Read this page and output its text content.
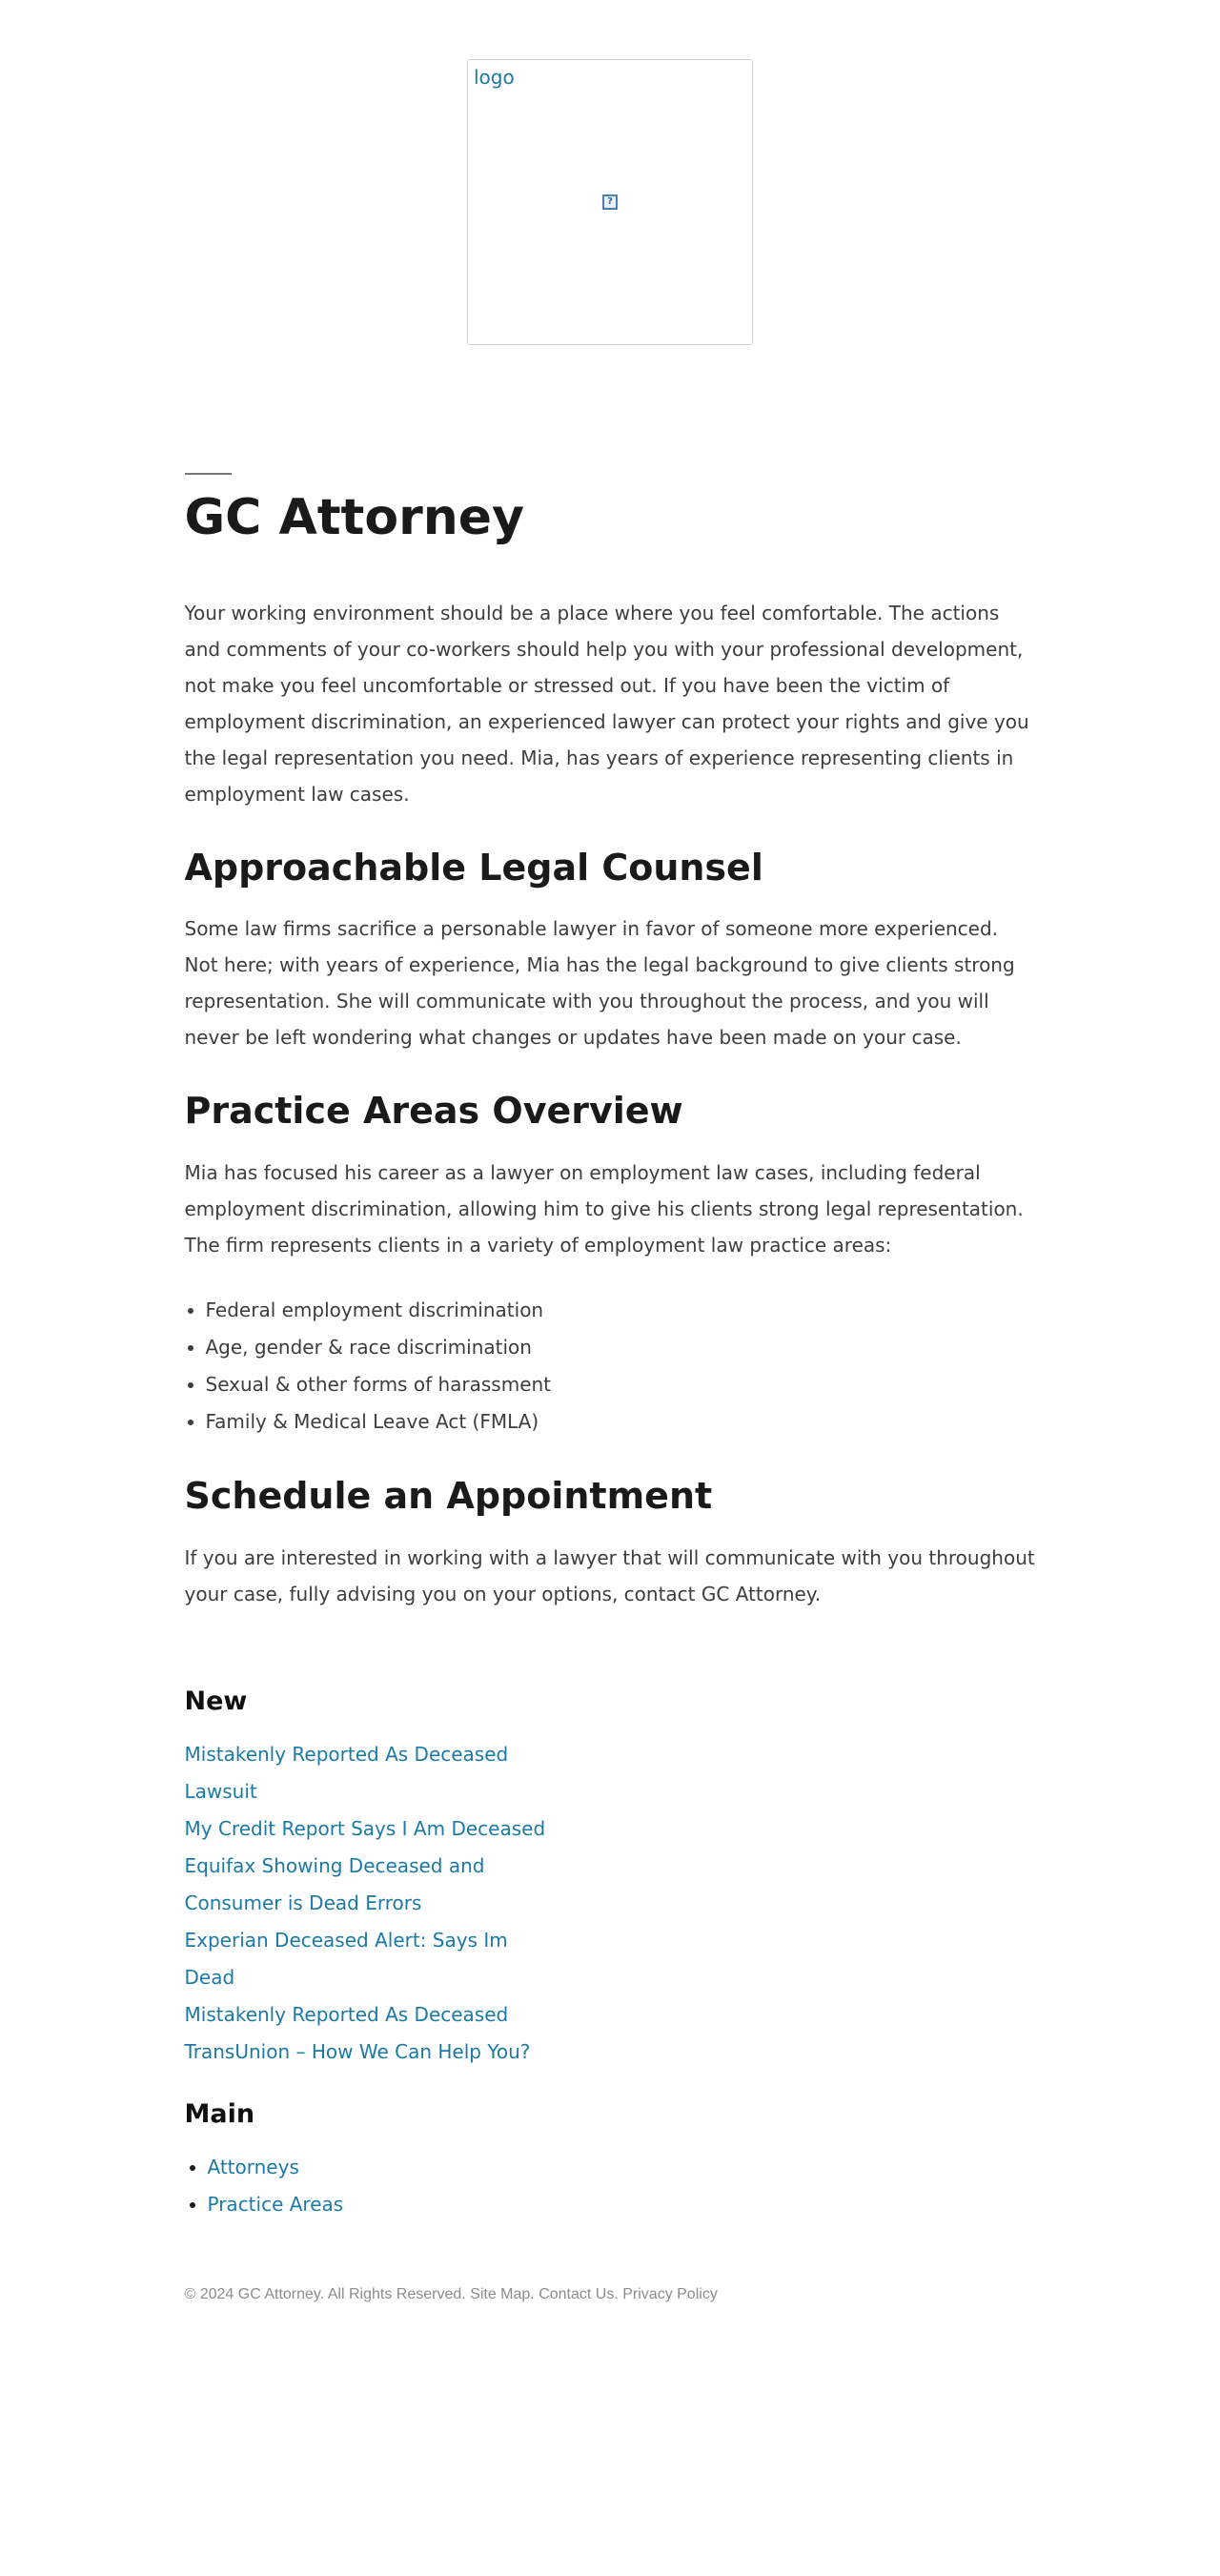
logo
?
GC Attorney

Your working environment should be a place where you feel comfortable. The actions and comments of your co-workers should help you with your professional development, not make you feel uncomfortable or stressed out. If you have been the victim of employment discrimination, an experienced lawyer can protect your rights and give you the legal representation you need. Mia, has years of experience representing clients in employment law cases.

Approachable Legal Counsel

Some law firms sacrifice a personable lawyer in favor of someone more experienced. Not here; with years of experience, Mia has the legal background to give clients strong representation. She will communicate with you throughout the process, and you will never be left wondering what changes or updates have been made on your case.

Practice Areas Overview

Mia has focused his career as a lawyer on employment law cases, including federal employment discrimination, allowing him to give his clients strong legal representation. The firm represents clients in a variety of employment law practice areas:

• Federal employment discrimination
• Age, gender & race discrimination
• Sexual & other forms of harassment
• Family & Medical Leave Act (FMLA)
Schedule an Appointment

If you are interested in working with a lawyer that will communicate with you throughout your case, fully advising you on your options, contact GC Attorney.

New
Mistakenly Reported As Deceased Lawsuit
My Credit Report Says I Am Deceased
Equifax Showing Deceased and Consumer is Dead Errors
Experian Deceased Alert: Says Im Dead
Mistakenly Reported As Deceased TransUnion – How We Can Help You?
Main
• Attorneys
• Practice Areas
© 2024 GC Attorney. All Rights Reserved. Site Map. Contact Us. Privacy Policy
